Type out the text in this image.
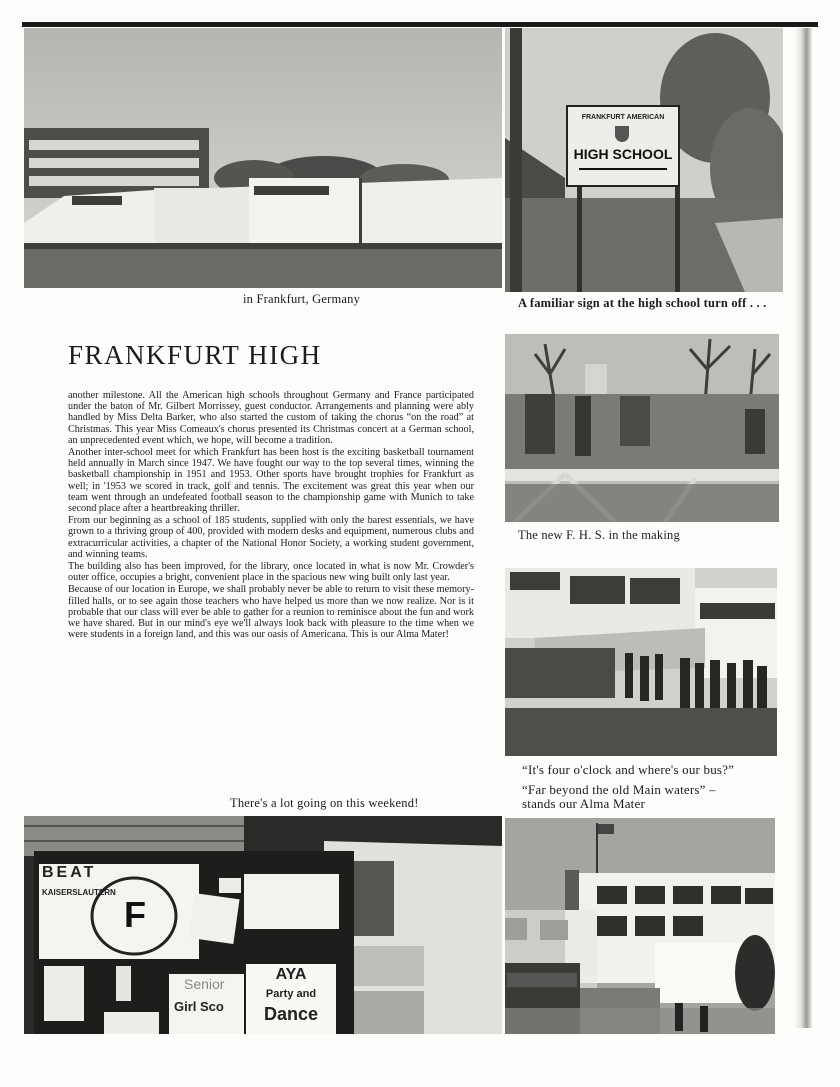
FRANKFURT AMERICAN
HIGH SCHOOL
in Frankfurt, Germany	A familiar sign at the high school turn off . . .
FRANKFURT HIGH

another milestone. All the American high schools throughout Germany and France participated under the baton of Mr. Gilbert Morrissey, guest conductor. Arrangements and planning were ably handled by Miss Delta Barker, who also started the custom of taking the chorus “on the road” at Christmas. This year Miss Comeaux's chorus presented its Christmas concert at a German school, an unprecedented event which, we hope, will become a tradition.

Another inter-school meet for which Frankfurt has been host is the exciting basketball tournament held annually in March since 1947. We have fought our way to the top several times, winning the basketball championship in 1951 and 1953. Other sports have brought trophies for Frankfurt as well; in '1953 we scored in track, golf and tennis. The excitement was great this year when our team went through an undefeated football season to the championship game with Munich to take second place after a heartbreaking thriller.

From our beginning as a school of 185 students, supplied with only the barest essentials, we have grown to a thriving group of 400, provided with modern desks and equipment, numerous clubs and extracurricular activities, a chapter of the National Honor Society, a working student government, and winning teams.

The building also has been improved, for the library, once located in what is now Mr. Crowder's outer office, occupies a bright, convenient place in the spacious new wing built only last year.

Because of our location in Europe, we shall probably never be able to return to visit these memory-filled halls, or to see again those teachers who have helped us more than we now realize. Nor is it probable that our class will ever be able to gather for a reunion to reminisce about the fun and work we have shared. But in our mind's eye we'll always look back with pleasure to the time when we were students in a foreign land, and this was our oasis of Americana. This is our Alma Mater!

The new F. H. S. in the making
“It's four o'clock and where's our bus?”
“Far beyond the old Main waters” –
stands our Alma Mater
There's a lot going on this weekend!
BEAT
KAISERSLAUTERN
F
Senior
Girl Sco
AYA
Party and
Dance
